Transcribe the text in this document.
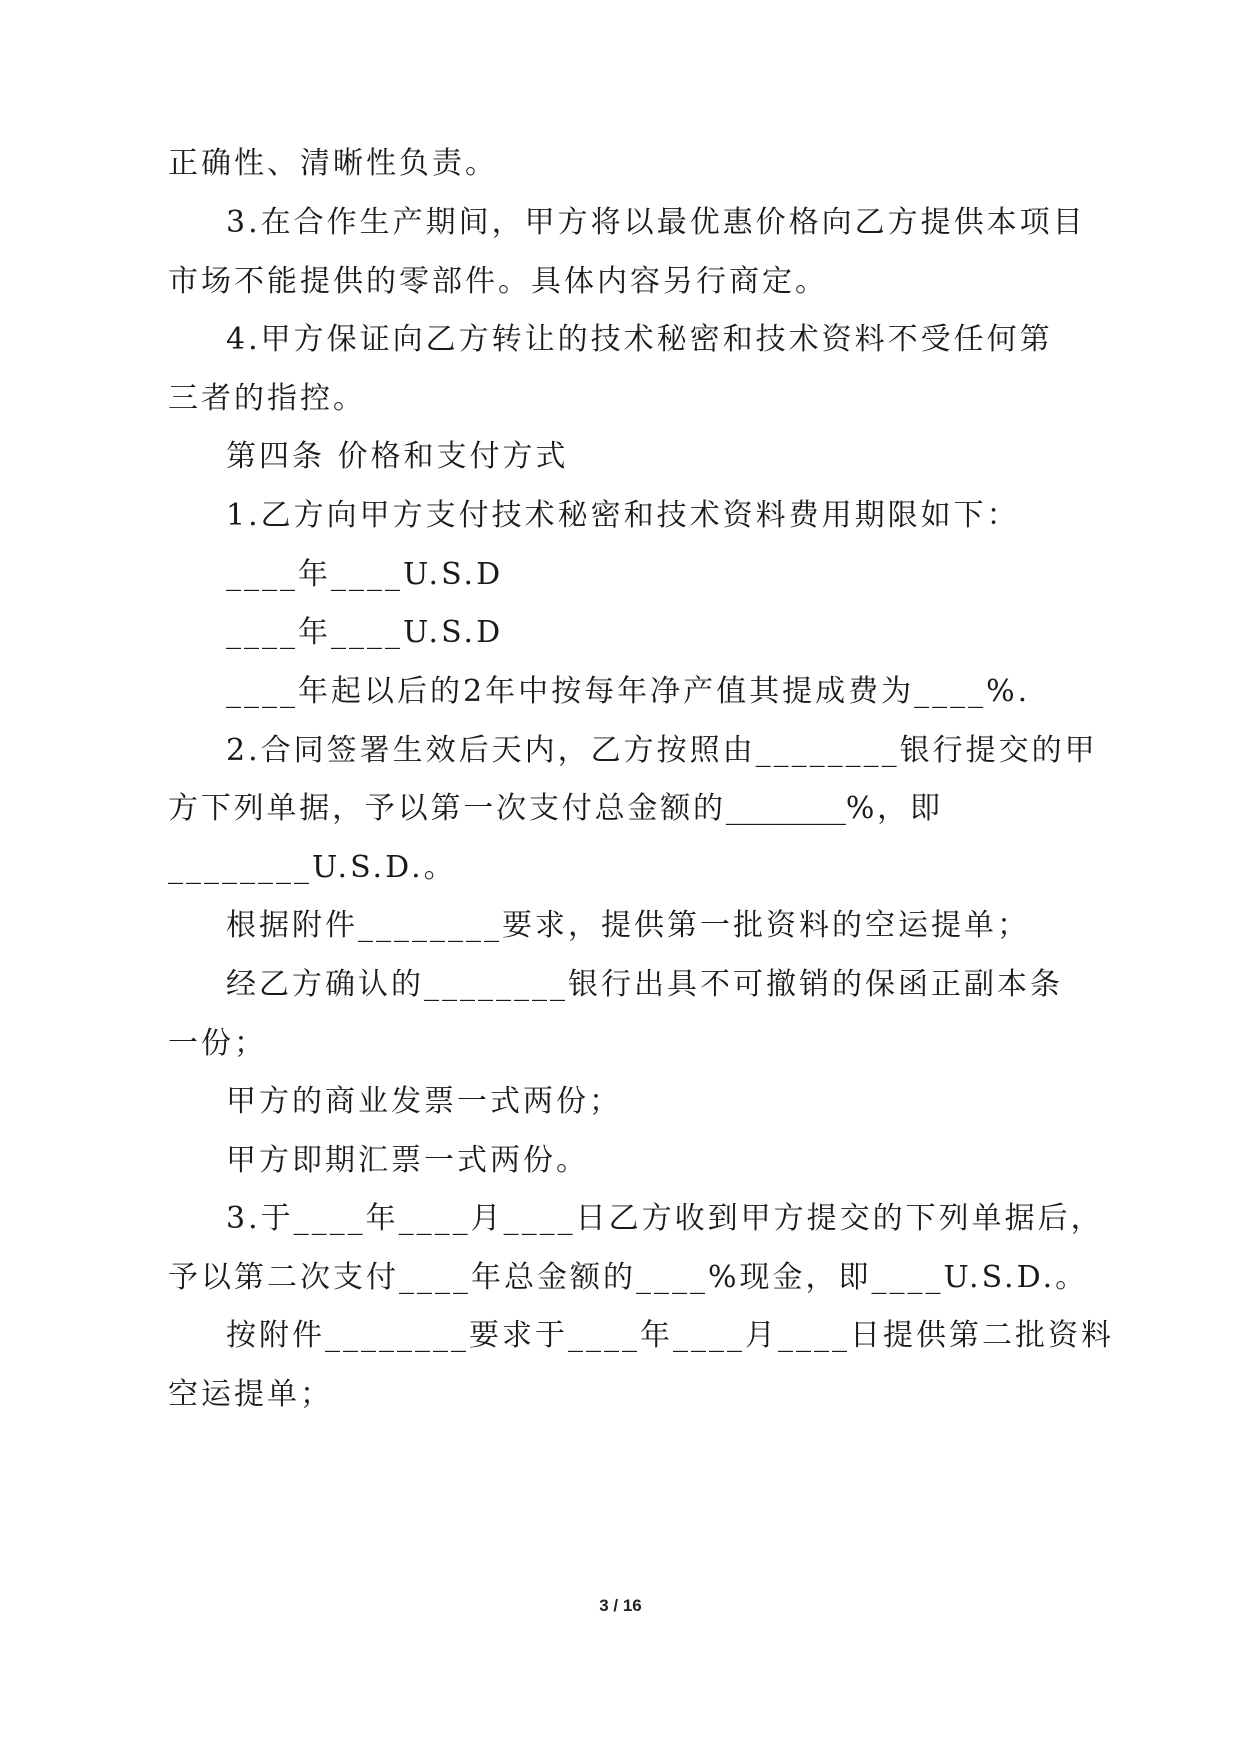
正确性、清晰性负责。
3.在合作生产期间，甲方将以最优惠价格向乙方提供本项目
市场不能提供的零部件。具体内容另行商定。
4.甲方保证向乙方转让的技术秘密和技术资料不受任何第
三者的指控。
第四条 价格和支付方式
1.乙方向甲方支付技术秘密和技术资料费用期限如下：
____年____U.S.D
____年____U.S.D
____年起以后的2年中按每年净产值其提成费为____%.
2.合同签署生效后天内，乙方按照由________银行提交的甲
方下列单据，予以第一次支付总金额的________%，即
________U.S.D.。
根据附件________要求，提供第一批资料的空运提单；
经乙方确认的________银行出具不可撤销的保函正副本条
一份；
甲方的商业发票一式两份；
甲方即期汇票一式两份。
3.于____年____月____日乙方收到甲方提交的下列单据后，
予以第二次支付____年总金额的____%现金，即____U.S.D.。
按附件________要求于____年____月____日提供第二批资料
空运提单；
3 / 16
